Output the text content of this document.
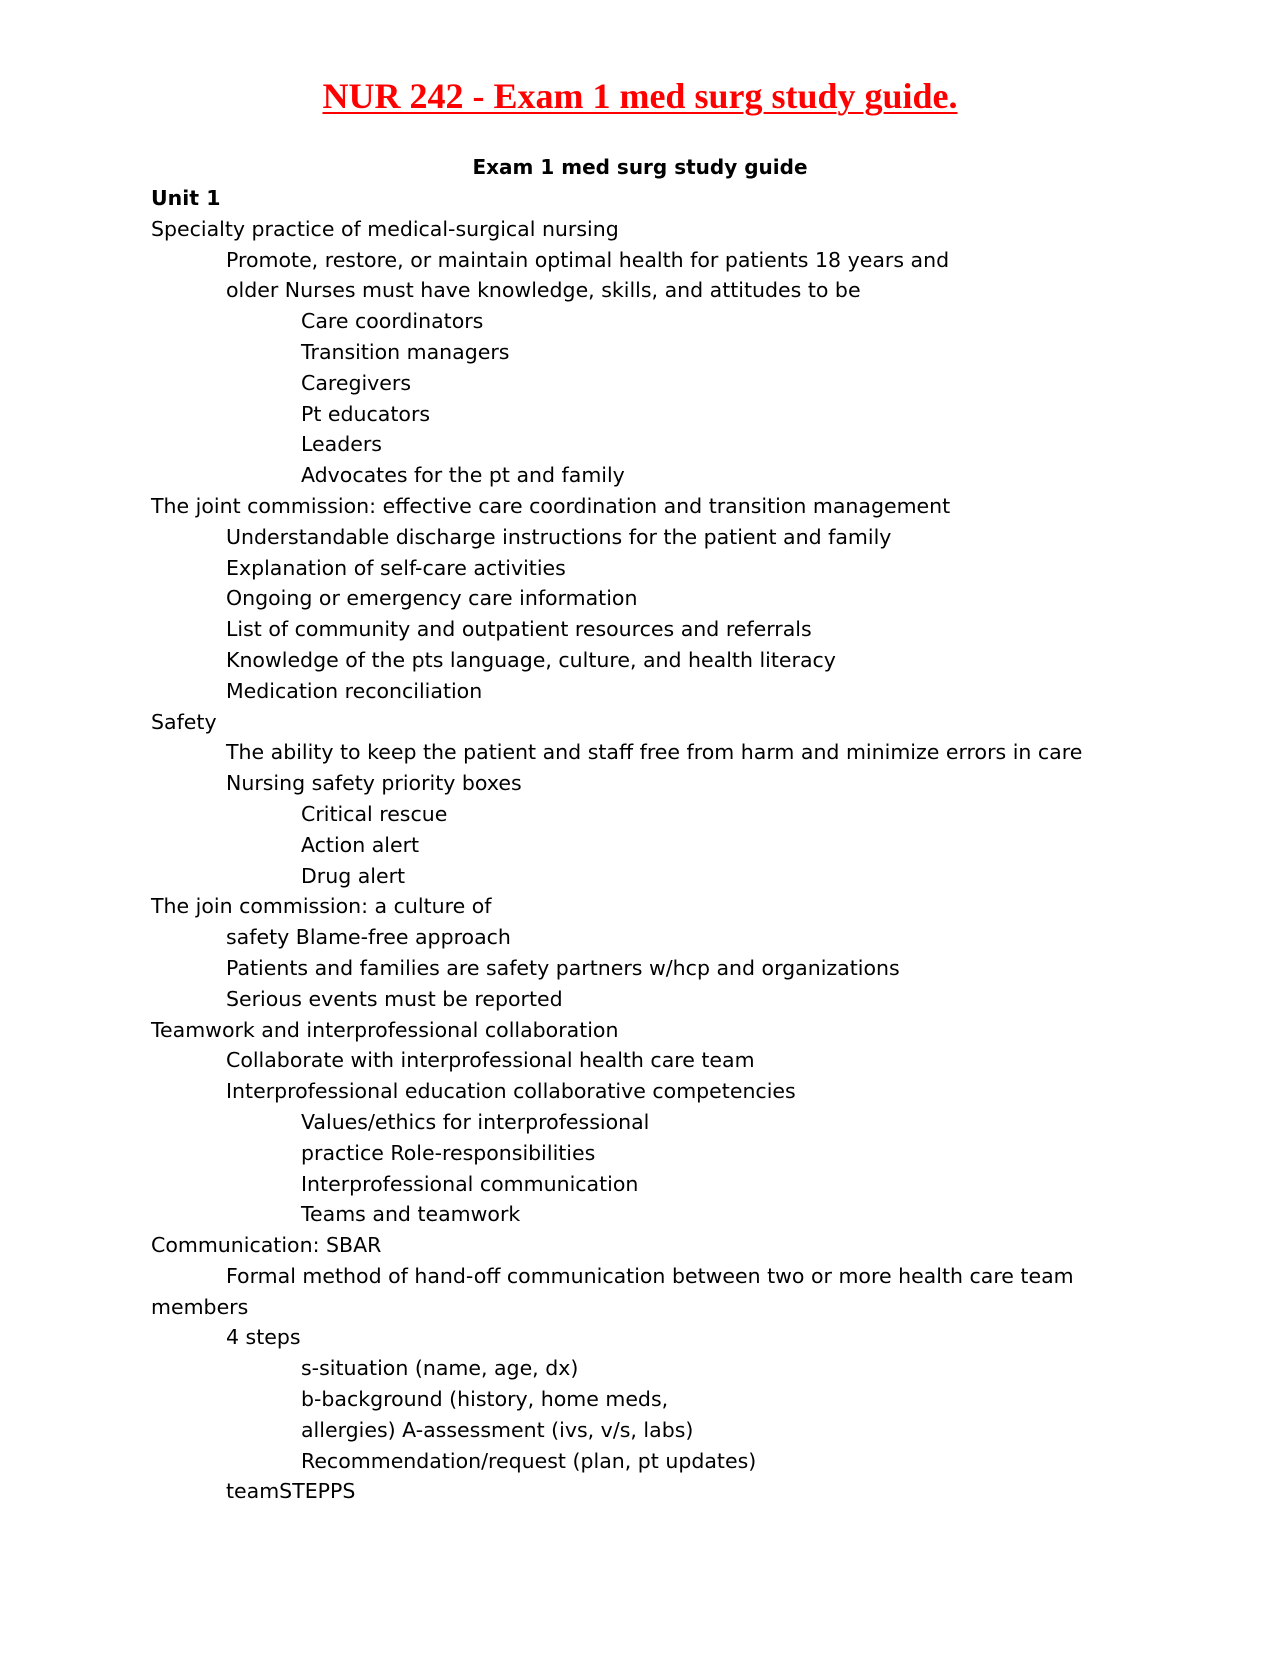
NUR 242 - Exam 1 med surg study guide.
Exam 1 med surg study guide
Unit 1
Specialty practice of medical-surgical nursing
Promote, restore, or maintain optimal health for patients 18 years and
older Nurses must have knowledge, skills, and attitudes to be
Care coordinators
Transition managers
Caregivers
Pt educators
Leaders
Advocates for the pt and family
The joint commission: effective care coordination and transition management
Understandable discharge instructions for the patient and family
Explanation of self-care activities
Ongoing or emergency care information
List of community and outpatient resources and referrals
Knowledge of the pts language, culture, and health literacy
Medication reconciliation
Safety
The ability to keep the patient and staff free from harm and minimize errors in care
Nursing safety priority boxes
Critical rescue
Action alert
Drug alert
The join commission: a culture of
safety Blame-free approach
Patients and families are safety partners w/hcp and organizations
Serious events must be reported
Teamwork and interprofessional collaboration
Collaborate with interprofessional health care team
Interprofessional education collaborative competencies
Values/ethics for interprofessional
practice Role-responsibilities
Interprofessional communication
Teams and teamwork
Communication: SBAR
Formal method of hand-off communication between two or more health care team
members
4 steps
s-situation (name, age, dx)
b-background (history, home meds,
allergies) A-assessment (ivs, v/s, labs)
Recommendation/request (plan, pt updates)
teamSTEPPS
